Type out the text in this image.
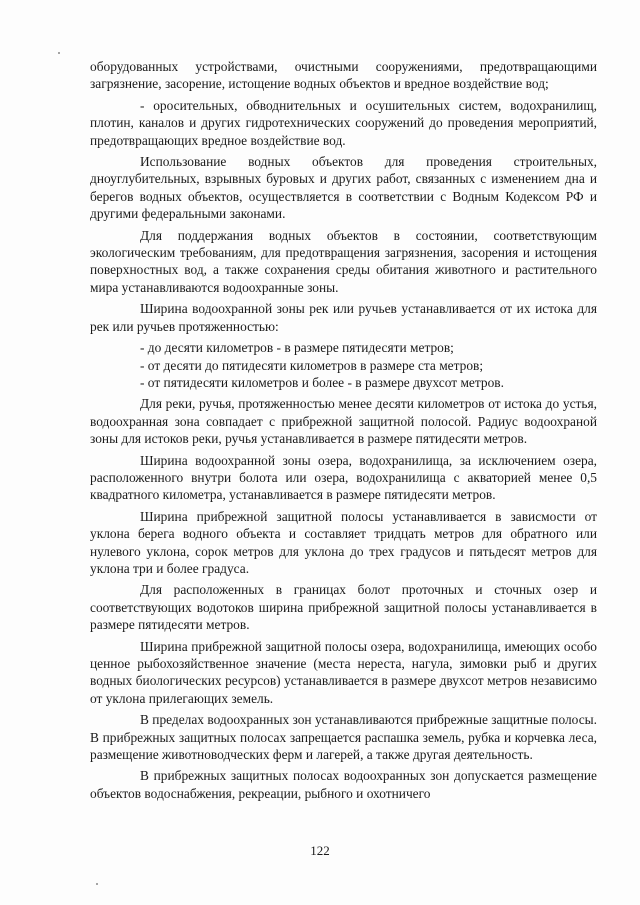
оборудованных устройствами, очистными сооружениями, предотвращающими загрязнение, засорение, истощение водных объектов и вредное воздействие вод;

- оросительных, обводнительных и осушительных систем, водохранилищ, плотин, каналов и других гидротехнических сооружений до проведения мероприятий, предотвращающих вредное воздействие вод.

Использование водных объектов для проведения строительных, дноуглубительных, взрывных буровых и других работ, связанных с изменением дна и берегов водных объектов, осуществляется в соответствии с Водным Кодексом РФ и другими федеральными законами.

Для поддержания водных объектов в состоянии, соответствующим экологическим требованиям, для предотвращения загрязнения, засорения и истощения поверхностных вод, а также сохранения среды обитания животного и растительного мира устанавливаются водоохранные зоны.

Ширина водоохранной зоны рек или ручьев устанавливается от их истока для рек или ручьев протяженностью:

- до десяти километров - в размере пятидесяти метров;

- от десяти до пятидесяти километров в размере ста метров;

- от пятидесяти километров и более - в размере двухсот метров.

Для реки, ручья, протяженностью менее десяти километров от истока до устья, водоохранная зона совпадает с прибрежной защитной полосой. Радиус водоохраной зоны для истоков реки, ручья устанавливается в размере пятидесяти метров.

Ширина водоохранной зоны озера, водохранилища, за исключением озера, расположенного внутри болота или озера, водохранилища с акваторией менее 0,5 квадратного километра, устанавливается в размере пятидесяти метров.

Ширина прибрежной защитной полосы устанавливается в зависмости от уклона берега водного объекта и составляет тридцать метров для обратного или нулевого уклона, сорок метров для уклона до трех градусов и пятьдесят метров для уклона три и более градуса.

Для расположенных в границах болот проточных и сточных озер и соответствующих водотоков ширина прибрежной защитной полосы устанавливается в размере пятидесяти метров.

Ширина прибрежной защитной полосы озера, водохранилища, имеющих особо ценное рыбохозяйственное значение (места нереста, нагула, зимовки рыб и других водных биологических ресурсов) устанавливается в размере двухсот метров независимо от уклона прилегающих земель.

В пределах водоохранных зон устанавливаются прибрежные защитные полосы. В прибрежных защитных полосах запрещается распашка земель, рубка и корчевка леса, размещение животноводческих ферм и лагерей, а также другая деятельность.

В прибрежных защитных полосах водоохранных зон допускается размещение объектов водоснабжения, рекреации, рыбного и охотничего

122
